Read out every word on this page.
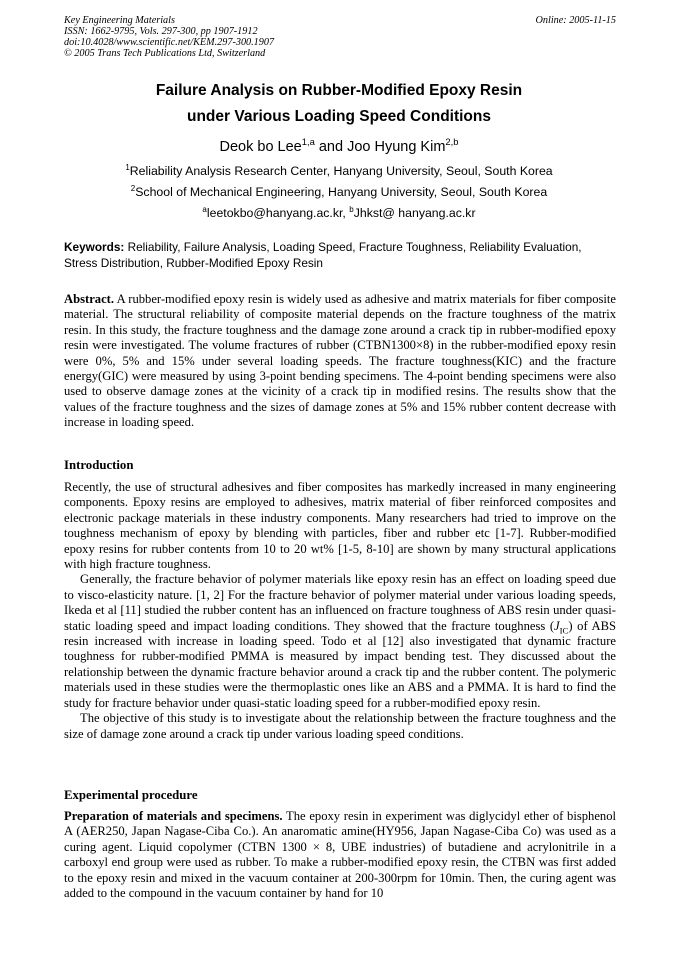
Key Engineering Materials
ISSN: 1662-9795, Vols. 297-300, pp 1907-1912
doi:10.4028/www.scientific.net/KEM.297-300.1907
© 2005 Trans Tech Publications Ltd, Switzerland
Online: 2005-11-15
Failure Analysis on Rubber-Modified Epoxy Resin
under Various Loading Speed Conditions
Deok bo Lee$^{1,a}$ and Joo Hyung Kim$^{2,b}$
$^1$Reliability Analysis Research Center, Hanyang University, Seoul, South Korea
$^2$School of Mechanical Engineering, Hanyang University, Seoul, South Korea
$^a$leetokbo@hanyang.ac.kr, $^b$Jhkst@ hanyang.ac.kr
Keywords: Reliability, Failure Analysis, Loading Speed, Fracture Toughness, Reliability Evaluation, Stress Distribution, Rubber-Modified Epoxy Resin

Abstract. A rubber-modified epoxy resin is widely used as adhesive and matrix materials for fiber composite material. The structural reliability of composite material depends on the fracture toughness of the matrix resin. In this study, the fracture toughness and the damage zone around a crack tip in rubber-modified epoxy resin were investigated. The volume fractures of rubber (CTBN1300×8) in the rubber-modified epoxy resin were 0%, 5% and 15% under several loading speeds. The fracture toughness(KIC) and the fracture energy(GIC) were measured by using 3-point bending specimens. The 4-point bending specimens were also used to observe damage zones at the vicinity of a crack tip in modified resins. The results show that the values of the fracture toughness and the sizes of damage zones at 5% and 15% rubber content decrease with increase in loading speed.

Introduction

Recently, the use of structural adhesives and fiber composites has markedly increased in many engineering components. Epoxy resins are employed to adhesives, matrix material of fiber reinforced composites and electronic package materials in these industry components. Many researchers had tried to improve on the toughness mechanism of epoxy by blending with particles, fiber and rubber etc [1-7]. Rubber-modified epoxy resins for rubber contents from 10 to 20 wt% [1-5, 8-10] are shown by many structural applications with high fracture toughness.

Generally, the fracture behavior of polymer materials like epoxy resin has an effect on loading speed due to visco-elasticity nature. [1, 2] For the fracture behavior of polymer material under various loading speeds, Ikeda et al [11] studied the rubber content has an influenced on fracture toughness of ABS resin under quasi-static loading speed and impact loading conditions. They showed that the fracture toughness $(J_{IC})$ of ABS resin increased with increase in loading speed. Todo et al [12] also investigated that dynamic fracture toughness for rubber-modified PMMA is measured by impact bending test. They discussed about the relationship between the dynamic fracture behavior around a crack tip and the rubber content. The polymeric materials used in these studies were the thermoplastic ones like an ABS and a PMMA. It is hard to find the study for fracture behavior under quasi-static loading speed for a rubber-modified epoxy resin.

The objective of this study is to investigate about the relationship between the fracture toughness and the size of damage zone around a crack tip under various loading speed conditions.

Experimental procedure

Preparation of materials and specimens. The epoxy resin in experiment was diglycidyl ether of bisphenol A (AER250, Japan Nagase-Ciba Co.). An anaromatic amine(HY956, Japan Nagase-Ciba Co) was used as a curing agent. Liquid copolymer (CTBN 1300 × 8, UBE industries) of butadiene and acrylonitrile in a carboxyl end group were used as rubber. To make a rubber-modified epoxy resin, the CTBN was first added to the epoxy resin and mixed in the vacuum container at 200-300rpm for 10min. Then, the curing agent was added to the compound in the vacuum container by hand for 10
